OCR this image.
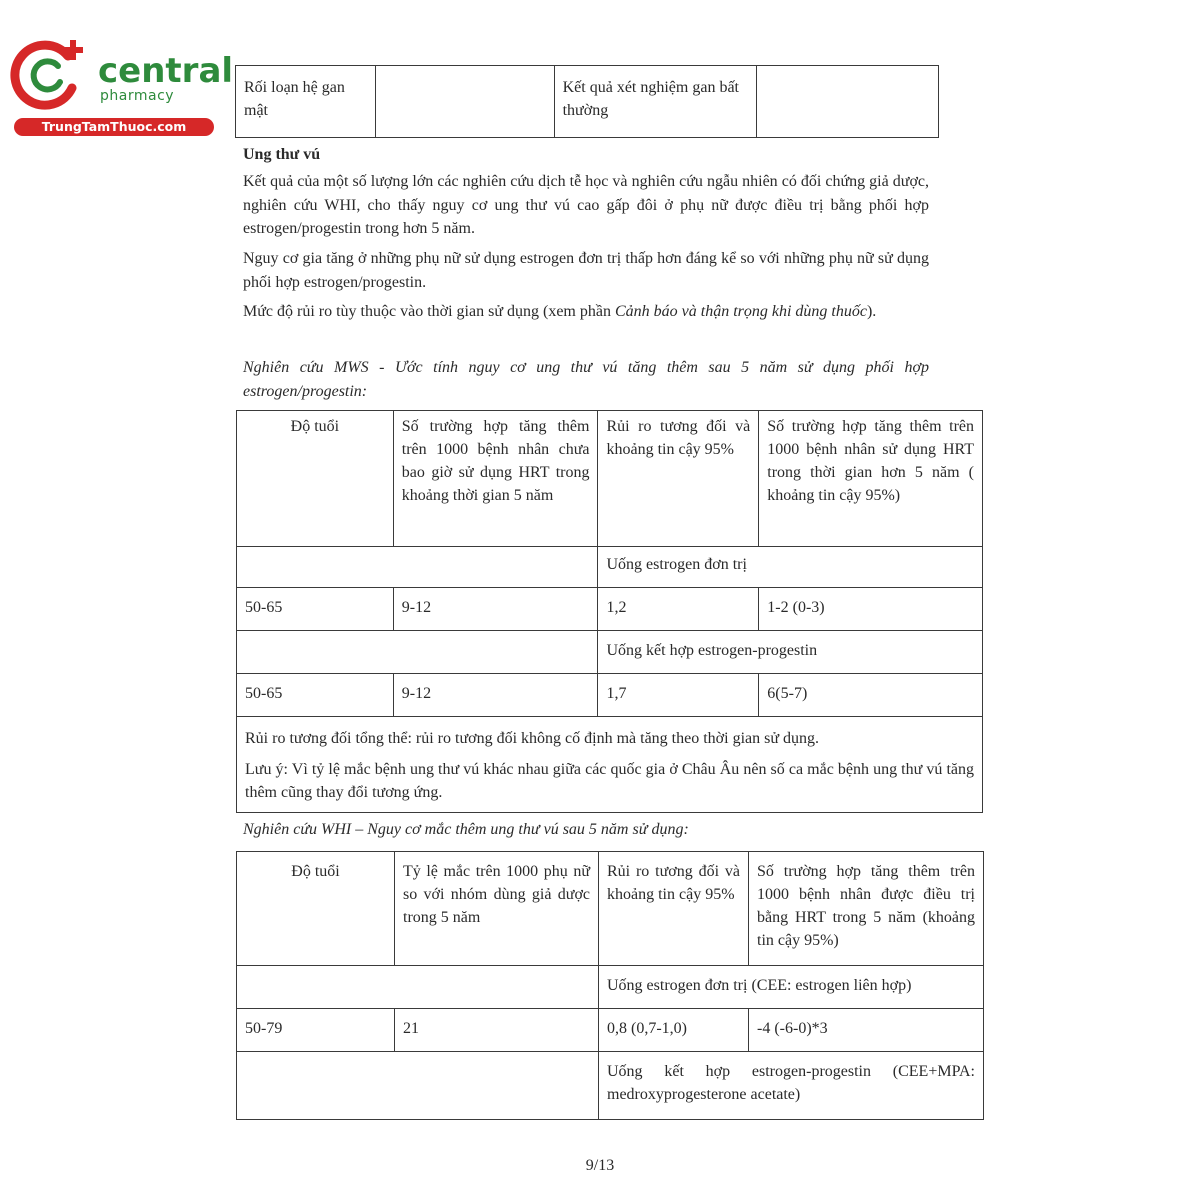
central
pharmacy
TrungTamThuoc.com
Rối loạn hệ gan mật		Kết quả xét nghiệm gan bất thường	

Ung thư vú

Kết quả của một số lượng lớn các nghiên cứu dịch tễ học và nghiên cứu ngẫu nhiên có đối chứng giả dược, nghiên cứu WHI, cho thấy nguy cơ ung thư vú cao gấp đôi ở phụ nữ được điều trị bằng phối hợp estrogen/progestin trong hơn 5 năm.

Nguy cơ gia tăng ở những phụ nữ sử dụng estrogen đơn trị thấp hơn đáng kể so với những phụ nữ sử dụng phối hợp estrogen/progestin.

Mức độ rủi ro tùy thuộc vào thời gian sử dụng (xem phần Cảnh báo và thận trọng khi dùng thuốc).

Nghiên cứu MWS - Ước tính nguy cơ ung thư vú tăng thêm sau 5 năm sử dụng phối hợp estrogen/progestin:

Độ tuổi	Số trường hợp tăng thêm trên 1000 bệnh nhân chưa bao giờ sử dụng HRT trong khoảng thời gian 5 năm	Rủi ro tương đối và khoảng tin cậy 95%	Số trường hợp tăng thêm trên 1000 bệnh nhân sử dụng HRT trong thời gian hơn 5 năm ( khoảng tin cậy 95%)
		Uống estrogen đơn trị	
50-65	9-12	1,2	1-2 (0-3)
		Uống kết hợp estrogen-progestin	
50-65	9-12	1,7	6(5-7)

Rủi ro tương đối tổng thể: rủi ro tương đối không cố định mà tăng theo thời gian sử dụng.
Lưu ý: Vì tỷ lệ mắc bệnh ung thư vú khác nhau giữa các quốc gia ở Châu Âu nên số ca mắc bệnh ung thư vú tăng thêm cũng thay đổi tương ứng.			

Nghiên cứu WHI – Nguy cơ mắc thêm ung thư vú sau 5 năm sử dụng:

Độ tuổi	Tỷ lệ mắc trên 1000 phụ nữ so với nhóm dùng giả dược trong 5 năm	Rủi ro tương đối và khoảng tin cậy 95%	Số trường hợp tăng thêm trên 1000 bệnh nhân được điều trị bằng HRT trong 5 năm (khoảng tin cậy 95%)
		Uống estrogen đơn trị (CEE: estrogen liên hợp)	
50-79	21	0,8 (0,7-1,0)	-4 (-6-0)*3
		Uống kết hợp estrogen-progestin (CEE+MPA: medroxyprogesterone acetate)	
9/13
